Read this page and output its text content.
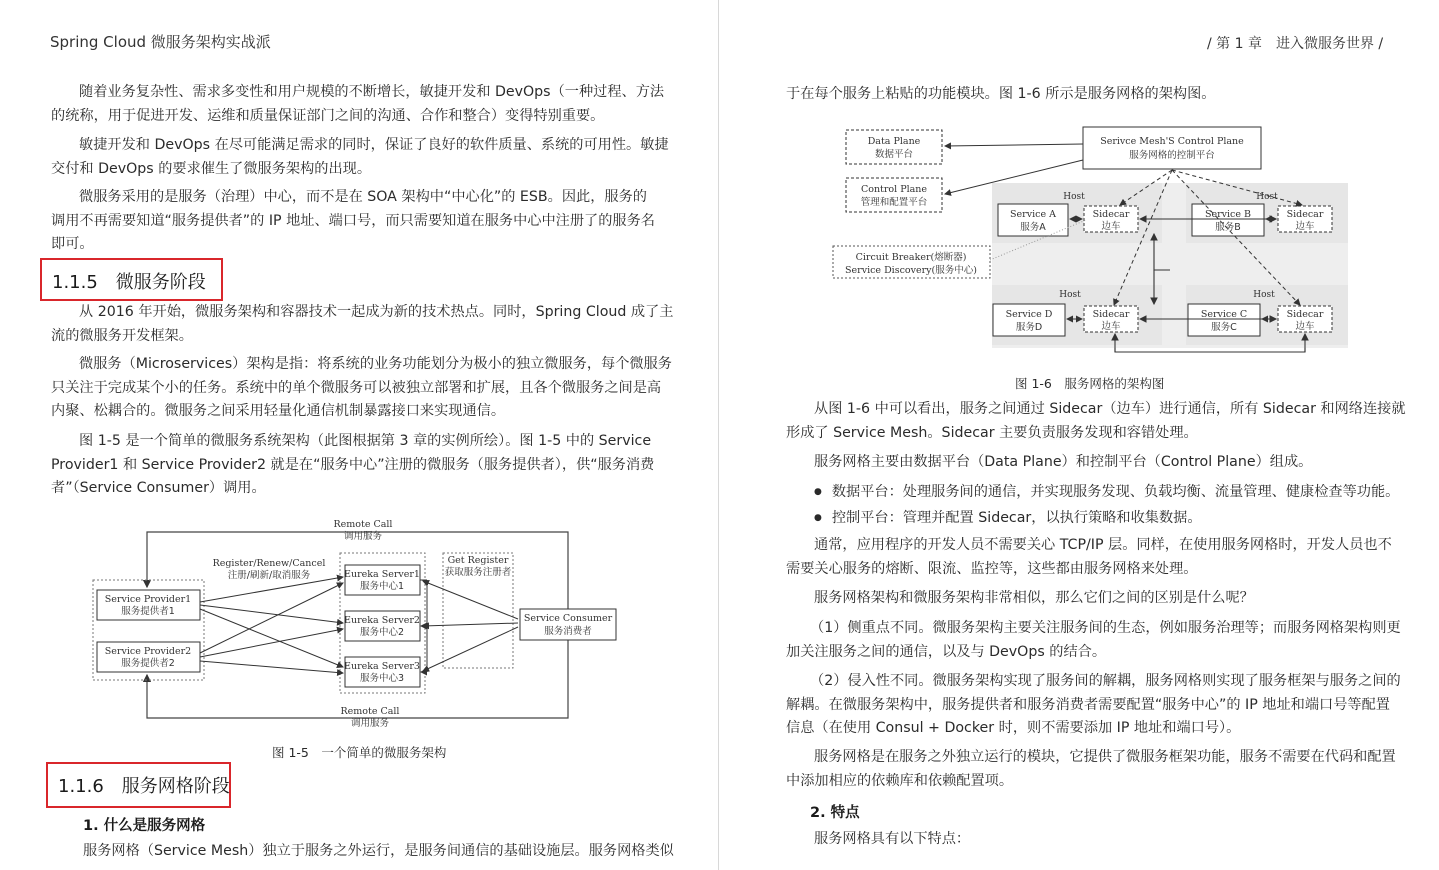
Spring Cloud 微服务架构实战派
随着业务复杂性、需求多变性和用户规模的不断增长，敏捷开发和 DevOps（一种过程、方法
的统称，用于促进开发、运维和质量保证部门之间的沟通、合作和整合）变得特别重要。
敏捷开发和 DevOps 在尽可能满足需求的同时，保证了良好的软件质量、系统的可用性。敏捷
交付和 DevOps 的要求催生了微服务架构的出现。
微服务采用的是服务（治理）中心，而不是在 SOA 架构中“中心化”的 ESB。因此，服务的
调用不再需要知道“服务提供者”的 IP 地址、端口号，而只需要知道在服务中心中注册了的服务名
即可。
1.1.5　微服务阶段
从 2016 年开始，微服务架构和容器技术一起成为新的技术热点。同时，Spring Cloud 成了主
流的微服务开发框架。
微服务（Microservices）架构是指：将系统的业务功能划分为极小的独立微服务，每个微服务
只关注于完成某个小的任务。系统中的单个微服务可以被独立部署和扩展，且各个微服务之间是高
内聚、松耦合的。微服务之间采用轻量化通信机制暴露接口来实现通信。
图 1-5 是一个简单的微服务系统架构（此图根据第 3 章的实例所绘）。图 1-5 中的 Service
Provider1 和 Service Provider2 就是在“服务中心”注册的微服务（服务提供者），供“服务消费
者”（Service Consumer）调用。
Remote Call
调用服务
Remote Call
调用服务
Service Provider1
服务提供者1
Service Provider2
服务提供者2
Register/Renew/Cancel
注册/刷新/取消服务	Eureka Server1
服务中心1
Eureka Server2
服务中心2
Eureka Server3
服务中心3
Get Register
获取服务注册者
Service Consumer
服务消费者
图 1-5　一个简单的微服务架构
1.1.6　服务网格阶段
1. 什么是服务网格
服务网格（Service Mesh）独立于服务之外运行，是服务间通信的基础设施层。服务网格类似
/ 第 1 章　进入微服务世界 /
于在每个服务上粘贴的功能模块。图 1-6 所示是服务网格的架构图。
Data Plane
数据平台
Control Plane
管理和配置平台
Circuit Breaker(熔断器)
Service Discovery(服务中心)
Serivce Mesh'S Control Plane
服务网格的控制平台
Host
Service A
服务A
Sidecar
边车
Host
Service B
服务B
Sidecar
边车
Host
Service D
服务D
Sidecar
边车
Host
Service C
服务C
Sidecar
边车
图 1-6　服务网格的架构图
从图 1-6 中可以看出，服务之间通过 Sidecar（边车）进行通信，所有 Sidecar 和网络连接就
形成了 Service Mesh。Sidecar 主要负责服务发现和容错处理。
服务网格主要由数据平台（Data Plane）和控制平台（Control Plane）组成。
● 数据平台：处理服务间的通信，并实现服务发现、负载均衡、流量管理、健康检查等功能。
● 控制平台：管理并配置 Sidecar，以执行策略和收集数据。
通常，应用程序的开发人员不需要关心 TCP/IP 层。同样，在使用服务网格时，开发人员也不
需要关心服务的熔断、限流、监控等，这些都由服务网格来处理。
服务网格架构和微服务架构非常相似，那么它们之间的区别是什么呢？
（1）侧重点不同。微服务架构主要关注服务间的生态，例如服务治理等；而服务网格架构则更
加关注服务之间的通信，以及与 DevOps 的结合。
（2）侵入性不同。微服务架构实现了服务间的解耦，服务网格则实现了服务框架与服务之间的
解耦。在微服务架构中，服务提供者和服务消费者需要配置“服务中心”的 IP 地址和端口号等配置
信息（在使用 Consul + Docker 时，则不需要添加 IP 地址和端口号）。
服务网格是在服务之外独立运行的模块，它提供了微服务框架功能，服务不需要在代码和配置
中添加相应的依赖库和依赖配置项。
2. 特点
服务网格具有以下特点：
